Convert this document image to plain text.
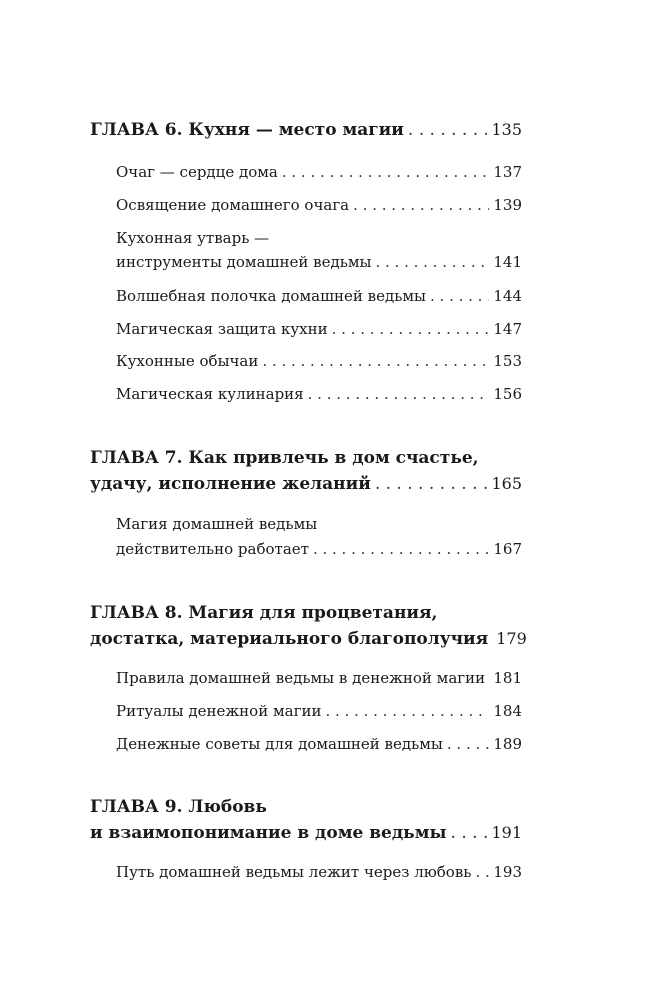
ГЛАВА 6. Кухня — место магии . . .	135
Очаг — сердце дома . . .	137
Освящение домашнего очага . . .	139
Кухонная утварь —
инструменты домашней ведьмы . . .	141
Волшебная полочка домашней ведьмы . . .	144
Магическая защита кухни . . .	147
Кухонные обычаи . . .	153
Магическая кулинария . . .	156
ГЛАВА 7. Как привлечь в дом счастье,
удачу, исполнение желаний . . .	165
Магия домашней ведьмы
действительно работает . . .	167
ГЛАВА 8. Магия для процветания,
достатка, материального благополучия 179
Правила домашней ведьмы в денежной магии . . . 181
Ритуалы денежной магии . . .	184
Денежные советы для домашней ведьмы . . .	189
ГЛАВА 9. Любовь
и взаимопонимание в доме ведьмы . . .	191
Путь домашней ведьмы лежит через любовь . . . 193
